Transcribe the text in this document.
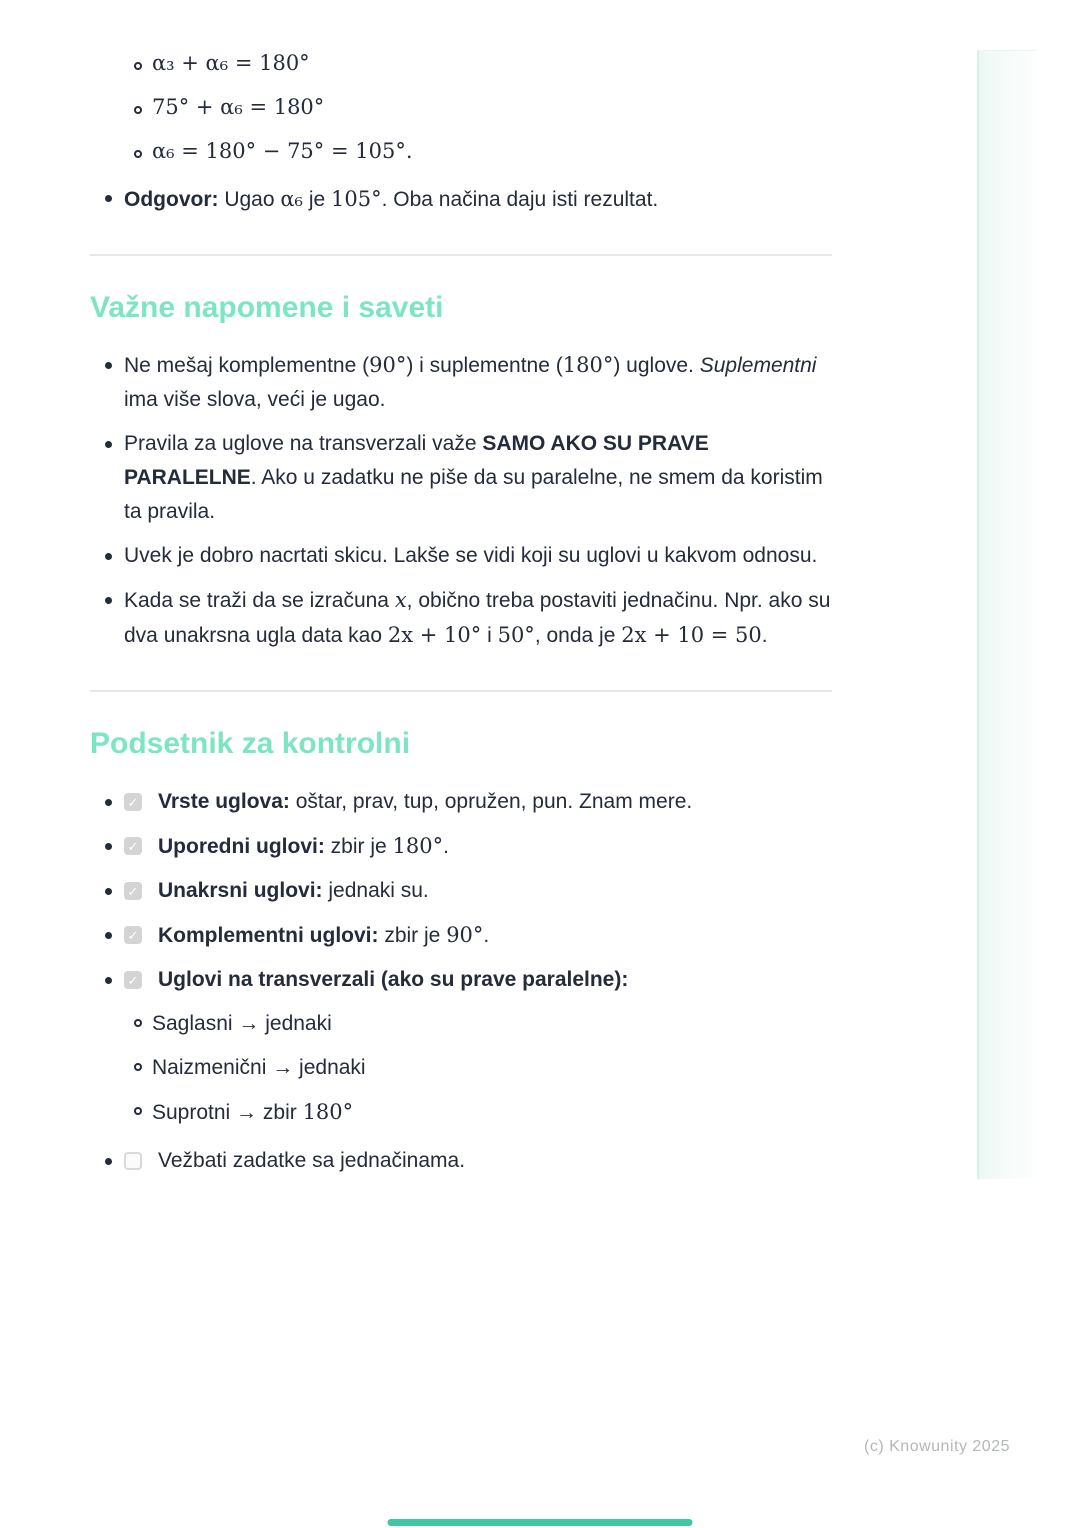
α₃ + α₆ = 180°
75° + α₆ = 180°
α₆ = 180° − 75° = 105°.
Odgovor: Ugao α₆ je 105°. Oba načina daju isti rezultat.
Važne napomene i saveti
Ne mešaj komplementne (90°) i suplementne (180°) uglove. Suplementni ima više slova, veći je ugao.
Pravila za uglove na transverzali važe SAMO AKO SU PRAVE PARALELNE. Ako u zadatku ne piše da su paralelne, ne smem da koristim ta pravila.
Uvek je dobro nacrtati skicu. Lakše se vidi koji su uglovi u kakvom odnosu.
Kada se traži da se izračuna x, obično treba postaviti jednačinu. Npr. ako su dva unakrsna ugla data kao 2x + 10° i 50°, onda je 2x + 10 = 50.
Podsetnik za kontrolni
✓ Vrste uglova: oštar, prav, tup, opružen, pun. Znam mere.
✓ Uporedni uglovi: zbir je 180°.
✓ Unakrsni uglovi: jednaki su.
✓ Komplementni uglovi: zbir je 90°.
✓ Uglovi na transverzali (ako su prave paralelne):
Saglasni → jednaki
Naizmenični → jednaki
Suprotni → zbir 180°
Vežbati zadatke sa jednačinama.
(c) Knowunity 2025
